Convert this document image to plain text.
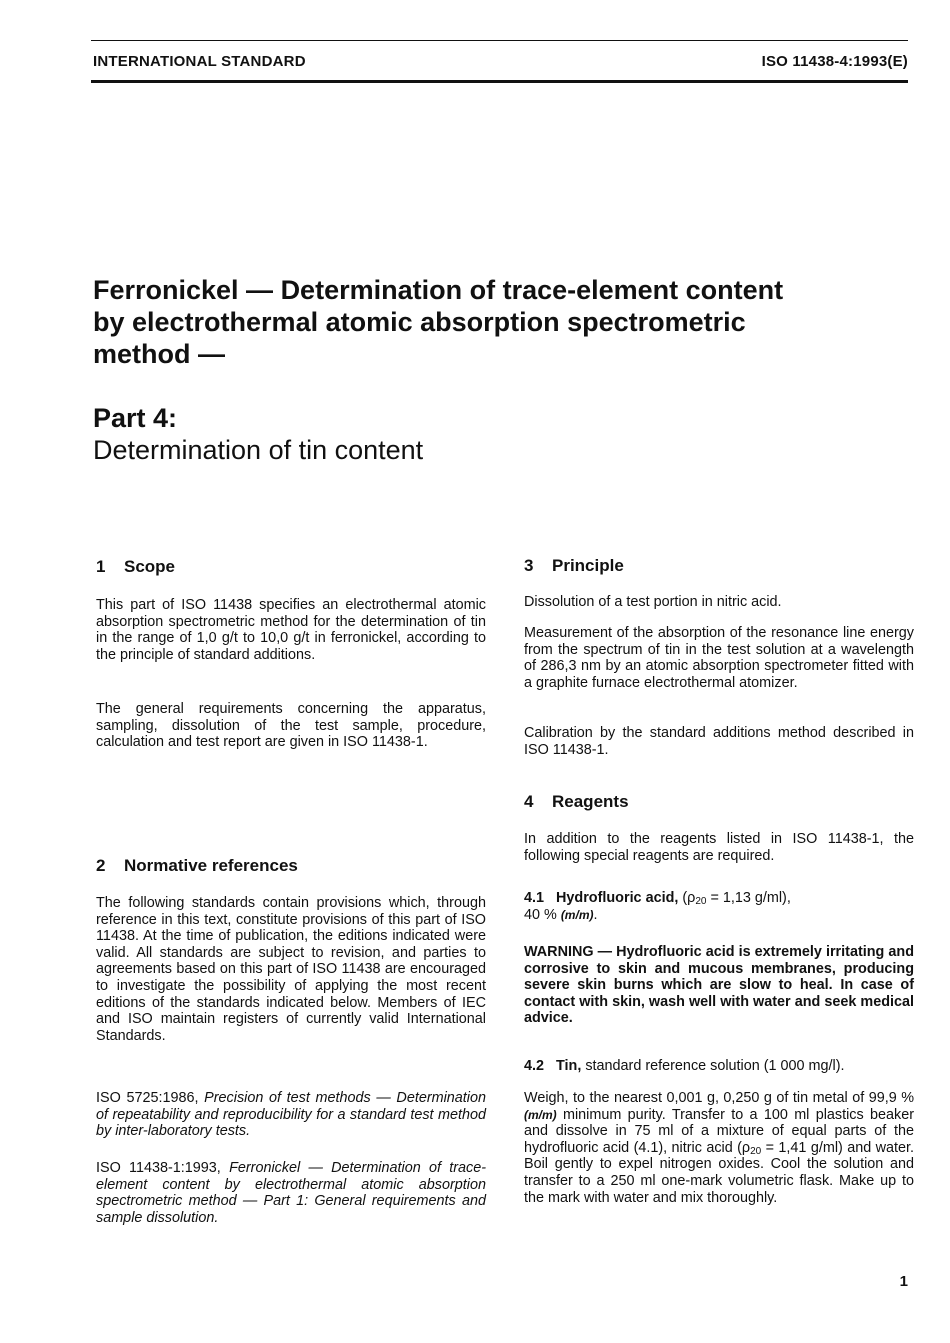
INTERNATIONAL STANDARD	ISO 11438-4:1993(E)
Ferronickel — Determination of trace-element content
by electrothermal atomic absorption spectrometric
method —
Part 4:
Determination of tin content
1 Scope
This part of ISO 11438 specifies an electrothermal atomic absorption spectrometric method for the determination of tin in the range of 1,0 g/t to 10,0 g/t in ferronickel, according to the principle of standard additions.
The general requirements concerning the apparatus, sampling, dissolution of the test sample, procedure, calculation and test report are given in ISO 11438-1.
2 Normative references
The following standards contain provisions which, through reference in this text, constitute provisions of this part of ISO 11438. At the time of publication, the editions indicated were valid. All standards are subject to revision, and parties to agreements based on this part of ISO 11438 are encouraged to investigate the possibility of applying the most recent editions of the standards indicated below. Members of IEC and ISO maintain registers of currently valid International Standards.
ISO 5725:1986, Precision of test methods — Determination of repeatability and reproducibility for a standard test method by inter-laboratory tests.
ISO 11438-1:1993, Ferronickel — Determination of trace-element content by electrothermal atomic absorption spectrometric method — Part 1: General requirements and sample dissolution.
3 Principle
Dissolution of a test portion in nitric acid.
Measurement of the absorption of the resonance line energy from the spectrum of tin in the test solution at a wavelength of 286,3 nm by an atomic absorption spectrometer fitted with a graphite furnace electrothermal atomizer.
Calibration by the standard additions method described in ISO 11438-1.
4 Reagents
In addition to the reagents listed in ISO 11438-1, the following special reagents are required.
4.1 Hydrofluoric acid, ($\rho_{20} = 1,13$ g/ml),
40 % (m/m).
WARNING — Hydrofluoric acid is extremely irritating and corrosive to skin and mucous membranes, producing severe skin burns which are slow to heal. In case of contact with skin, wash well with water and seek medical advice.
4.2 Tin, standard reference solution (1 000 mg/l).
Weigh, to the nearest 0,001 g, 0,250 g of tin metal of 99,9 % (m/m) minimum purity. Transfer to a 100 ml plastics beaker and dissolve in 75 ml of a mixture of equal parts of the hydrofluoric acid (4.1), nitric acid ($\rho_{20} = 1,41$ g/ml) and water. Boil gently to expel nitrogen oxides. Cool the solution and transfer to a 250 ml one-mark volumetric flask. Make up to the mark with water and mix thoroughly.
1
